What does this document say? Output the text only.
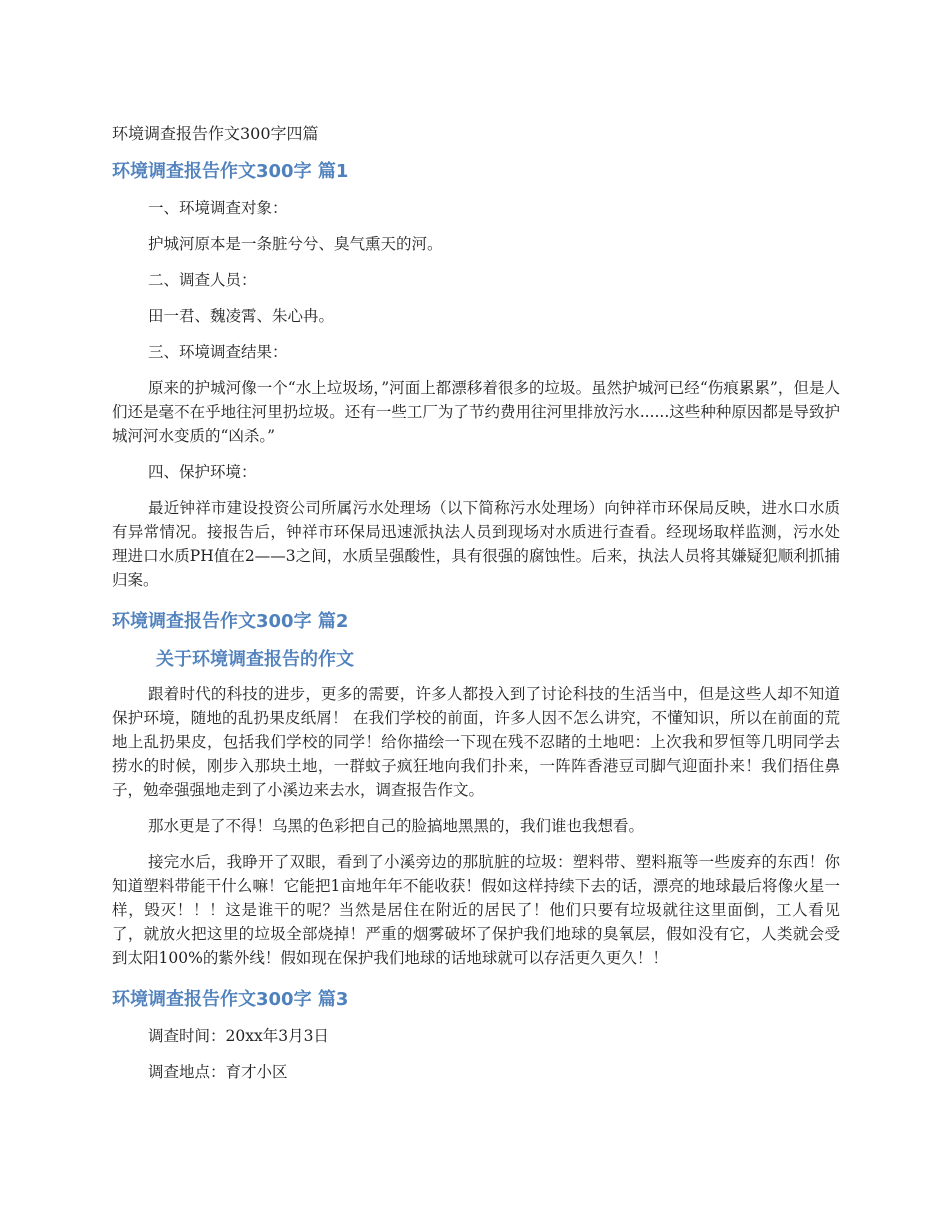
环境调查报告作文300字四篇
环境调查报告作文300字 篇1

一、环境调查对象：

护城河原本是一条脏兮兮、臭气熏天的河。

二、调查人员：

田一君、魏凌霄、朱心冉。

三、环境调查结果：

原来的护城河像一个“水上垃圾场，”河面上都漂移着很多的垃圾。虽然护城河已经“伤痕累累”，但是人们还是毫不在乎地往河里扔垃圾。还有一些工厂为了节约费用往河里排放污水......这些种种原因都是导致护城河河水变质的“凶杀。”

四、保护环境：

最近钟祥市建设投资公司所属污水处理场（以下简称污水处理场）向钟祥市环保局反映，进水口水质有异常情况。接报告后，钟祥市环保局迅速派执法人员到现场对水质进行查看。经现场取样监测，污水处理进口水质PH值在2——3之间，水质呈强酸性，具有很强的腐蚀性。后来，执法人员将其嫌疑犯顺利抓捕归案。

环境调查报告作文300字 篇2
关于环境调查报告的作文

跟着时代的科技的进步，更多的需要，许多人都投入到了讨论科技的生活当中，但是这些人却不知道保护环境，随地的乱扔果皮纸屑！ 在我们学校的前面，许多人因不怎么讲究，不懂知识，所以在前面的荒地上乱扔果皮，包括我们学校的同学！给你描绘一下现在残不忍睹的土地吧：上次我和罗恒等几明同学去捞水的时候，刚步入那块土地，一群蚊子疯狂地向我们扑来，一阵阵香港豆司脚气迎面扑来！我们捂住鼻子，勉牵强强地走到了小溪边来去水，调查报告作文。

那水更是了不得！乌黑的色彩把自己的脸搞地黑黑的，我们谁也我想看。

接完水后，我睁开了双眼，看到了小溪旁边的那肮脏的垃圾：塑料带、塑料瓶等一些废弃的东西！你知道塑料带能干什么嘛！它能把1亩地年年不能收获！假如这样持续下去的话，漂亮的地球最后将像火星一样，毁灭！！！这是谁干的呢？当然是居住在附近的居民了！他们只要有垃圾就往这里面倒，工人看见了，就放火把这里的垃圾全部烧掉！严重的烟雾破坏了保护我们地球的臭氧层，假如没有它，人类就会受到太阳100%的紫外线！假如现在保护我们地球的话地球就可以存活更久更久！！

环境调查报告作文300字 篇3

调查时间：20xx年3月3日

调查地点：育才小区
